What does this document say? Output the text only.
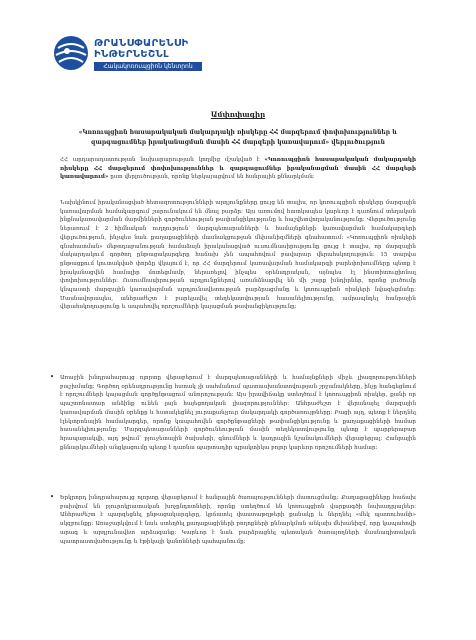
ԹՐԱՆՍՓԱՐԵՆՍԻ
ԻՆԹԵՐՆԵՇՆԼ
Հակակոռուպցիոն կենտրոն
Ամփոփագիր
«Կոռուպցիոն հասարակական մակարդակի ռիսկերը ՀՀ մարզերում փոփոխություններ և զարգացումներ իրականացման մասին ՀՀ մարզերի կառավարում» վերլուծություն
ՀՀ արդարադատության նախարարության կողմից մշակված է «Կոռուպցիոն հասարակական մակարդակի ռիսկերը ՀՀ մարզերում փոփոխություններ և զարգացումներ իրականացման մասին ՀՀ մարզերի կառավարում» ըստ վերլուծության, որոնք ներկայացվում են հանրային քննարկման։
Նախկինում իրականացված հետազոտությունների արդյունքները ցույց են տալիս, որ կոռուպցիոն ռիսկերը մարզային կառավարման համակարգում շարունակում են մնալ բարձր։ Այս առումով հատկապես կարևոր է դառնում տեղական ինքնակառավարման մարմինների գործունեության թափանցիկությունը և հաշվետվողականությունը։ Վերլուծությունը ներառում է 2 հիմնական ուղղություն՝ մարզպետարանների և համայնքների կառավարման համակարգերի վերլուծություն, ինչպես նաև քաղաքացիների մասնակցության մեխանիզմների գնահատում։ «Կոռուպցիոն ռիսկերի գնահատման» մեթոդաբանության համաձայն իրականացված ուսումնասիրությունը ցույց է տալիս, որ մարզային մակարդակում գործող ընթացակարգերը հաճախ չեն ապահովում բավարար վերահսկողություն։ 15 տարվա ընթացքում կուտակված փորձը վկայում է, որ ՀՀ մարզերում կառավարման համակարգի բարեփոխումները պետք է իրականացվեն համալիր մոտեցմամբ, ներառելով ինչպես օրենսդրական, այնպես էլ ինստիտուցիոնալ փոփոխություններ։ Ուսումնասիրության արդյունքներով առանձնացվել են մի շարք խնդիրներ, որոնց լուծումը կնպաստի մարզային կառավարման արդյունավետության բարձրացմանը և կոռուպցիոն ռիսկերի նվազեցմանը։ Մասնավորապես, անհրաժեշտ է բարելավել տեղեկատվության հասանելիությունը, ամրապնդել հանրային վերահսկողությունը և ապահովել որոշումների կայացման թափանցիկությունը։
•	Առաջին խնդրահարույց ոլորտը վերաբերում է մարզպետարանների և համայնքների միջև լիազորությունների բաշխմանը։ Գործող օրենսդրությունը հստակ չի սահմանում պատասխանատվության շրջանակները, ինչը հանգեցնում է որոշումների կայացման գործընթացում անորոշության։ Այս իրավիճակը ստեղծում է կոռուպցիոն ռիսկեր, քանի որ պաշտոնատար անձինք ունեն լայն հայեցողական լիազորություններ։ Անհրաժեշտ է վերանայել մարզային կառավարման մասին օրենքը և հստակեցնել յուրաքանչյուր մակարդակի գործառույթները։ Բացի այդ, պետք է ներդնել էլեկտրոնային համակարգեր, որոնք կապահովեն գործընթացների թափանցիկությունը և քաղաքացիների համար հասանելիությունը։ Մարզպետարանների գործունեության մասին տեղեկատվությունը պետք է պարբերաբար հրապարակվի, այդ թվում՝ բյուջետային ծախսերի, գնումների և կադրային նշանակումների վերաբերյալ։ Հանրային քննարկումների անցկացումը պետք է դառնա պարտադիր պրակտիկա բոլոր կարևոր որոշումների համար։
•	Երկրորդ խնդրահարույց ոլորտը վերաբերում է հանրային ծառայությունների մատուցմանը։ Քաղաքացիները հաճախ բախվում են բյուրոկրատական խոչընդոտների, որոնք ստեղծում են կոռուպցիոն վարքագծի նախադրյալներ։ Անհրաժեշտ է պարզեցնել ընթացակարգերը, կրճատել փաստաթղթերի քանակը և ներդնել «մեկ պատուհանի» սկզբունքը։ Առաջարկվում է նաև ստեղծել քաղաքացիների բողոքների քննարկման անկախ մեխանիզմ, որը կապահովի արագ և արդյունավետ արձագանք։ Կարևոր է նաև բարձրացնել պետական ծառայողների մասնագիտական պատրաստվածությունը և էթիկայի կանոնների պահպանումը։
